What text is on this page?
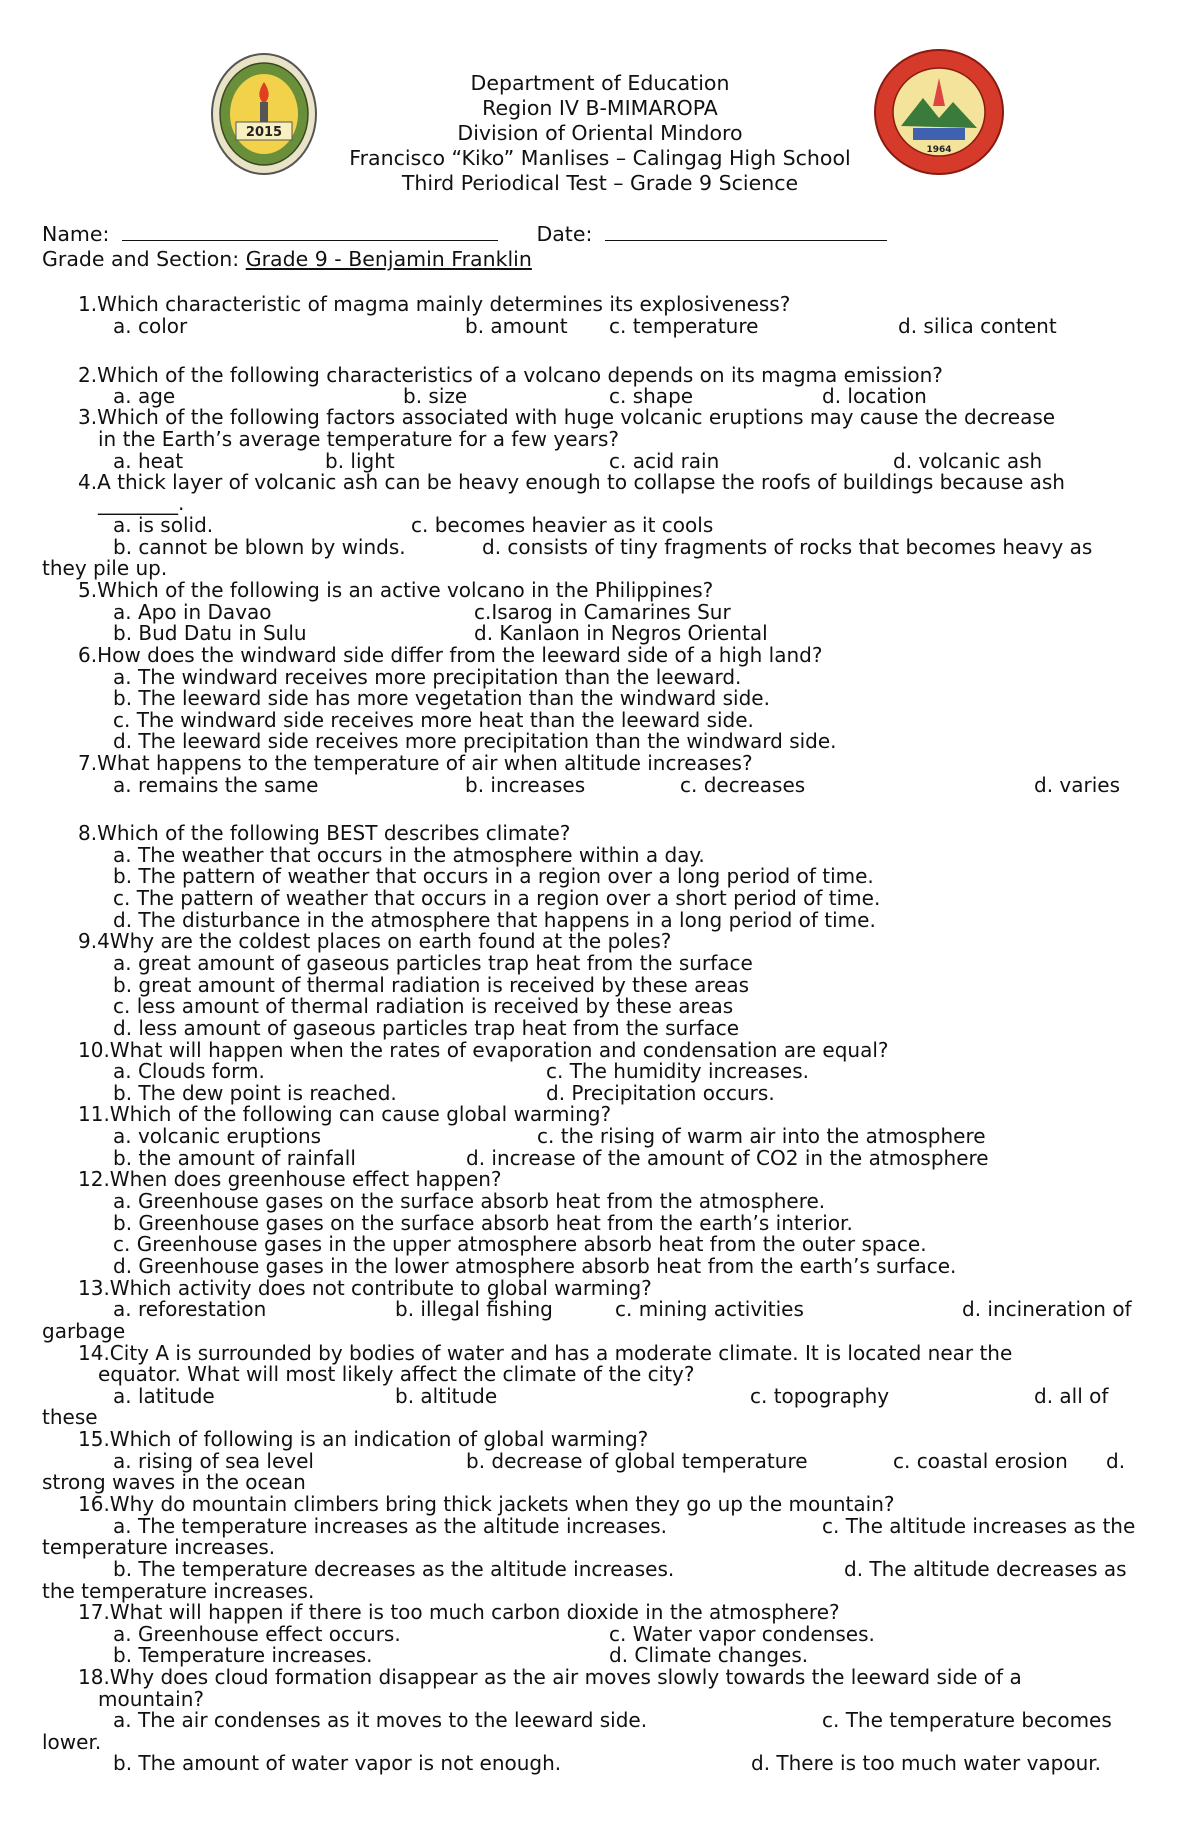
2015
1964
Department of Education
Region IV B-MIMAROPA
Division of Oriental Mindoro
Francisco “Kiko” Manlises – Calingag High School
Third Periodical Test – Grade 9 Science
Name:	Date:
Grade and Section: Grade 9 - Benjamin Franklin
1.Which characteristic of magma mainly determines its explosiveness?
a. color	b. amount c. temperature	d. silica content
2.Which of the following characteristics of a volcano depends on its magma emission?
a. age	b. size	c. shape	d. location
3.Which of the following factors associated with huge volcanic eruptions may cause the decrease
in the Earth’s average temperature for a few years?
a. heat	b. light	c. acid rain	d. volcanic ash
4.A thick layer of volcanic ash can be heavy enough to collapse the roofs of buildings because ash
________.
a. is solid.	c. becomes heavier as it cools
b. cannot be blown by winds.	d. consists of tiny fragments of rocks that becomes heavy as
they pile up.
5.Which of the following is an active volcano in the Philippines?
a. Apo in Davao	c.Isarog in Camarines Sur
b. Bud Datu in Sulu	d. Kanlaon in Negros Oriental
6.How does the windward side differ from the leeward side of a high land?
a. The windward receives more precipitation than the leeward.
b. The leeward side has more vegetation than the windward side.
c. The windward side receives more heat than the leeward side.
d. The leeward side receives more precipitation than the windward side.
7.What happens to the temperature of air when altitude increases?
a. remains the same	b. increases	c. decreases	d. varies
8.Which of the following BEST describes climate?
a. The weather that occurs in the atmosphere within a day.
b. The pattern of weather that occurs in a region over a long period of time.
c. The pattern of weather that occurs in a region over a short period of time.
d. The disturbance in the atmosphere that happens in a long period of time.
9.4Why are the coldest places on earth found at the poles?
a. great amount of gaseous particles trap heat from the surface
b. great amount of thermal radiation is received by these areas
c. less amount of thermal radiation is received by these areas
d. less amount of gaseous particles trap heat from the surface
10.What will happen when the rates of evaporation and condensation are equal?
a. Clouds form.	c. The humidity increases.
b. The dew point is reached.	d. Precipitation occurs.
11.Which of the following can cause global warming?
a. volcanic eruptions	c. the rising of warm air into the atmosphere
b. the amount of rainfall	d. increase of the amount of CO2 in the atmosphere
12.When does greenhouse effect happen?
a. Greenhouse gases on the surface absorb heat from the atmosphere.
b. Greenhouse gases on the surface absorb heat from the earth’s interior.
c. Greenhouse gases in the upper atmosphere absorb heat from the outer space.
d. Greenhouse gases in the lower atmosphere absorb heat from the earth’s surface.
13.Which activity does not contribute to global warming?
a. reforestation	b. illegal fishing	c. mining activities	d. incineration of
garbage
14.City A is surrounded by bodies of water and has a moderate climate. It is located near the
equator. What will most likely affect the climate of the city?
a. latitude	b. altitude	c. topography	d. all of
these
15.Which of following is an indication of global warming?
a. rising of sea level	b. decrease of global temperature	c. coastal erosion d.
strong waves in the ocean
16.Why do mountain climbers bring thick jackets when they go up the mountain?
a. The temperature increases as the altitude increases.	c. The altitude increases as the
temperature increases.
b. The temperature decreases as the altitude increases.	d. The altitude decreases as
the temperature increases.
17.What will happen if there is too much carbon dioxide in the atmosphere?
a. Greenhouse effect occurs.	c. Water vapor condenses.
b. Temperature increases.	d. Climate changes.
18.Why does cloud formation disappear as the air moves slowly towards the leeward side of a
mountain?
a. The air condenses as it moves to the leeward side.	c. The temperature becomes
lower.
b. The amount of water vapor is not enough.	d. There is too much water vapour.
